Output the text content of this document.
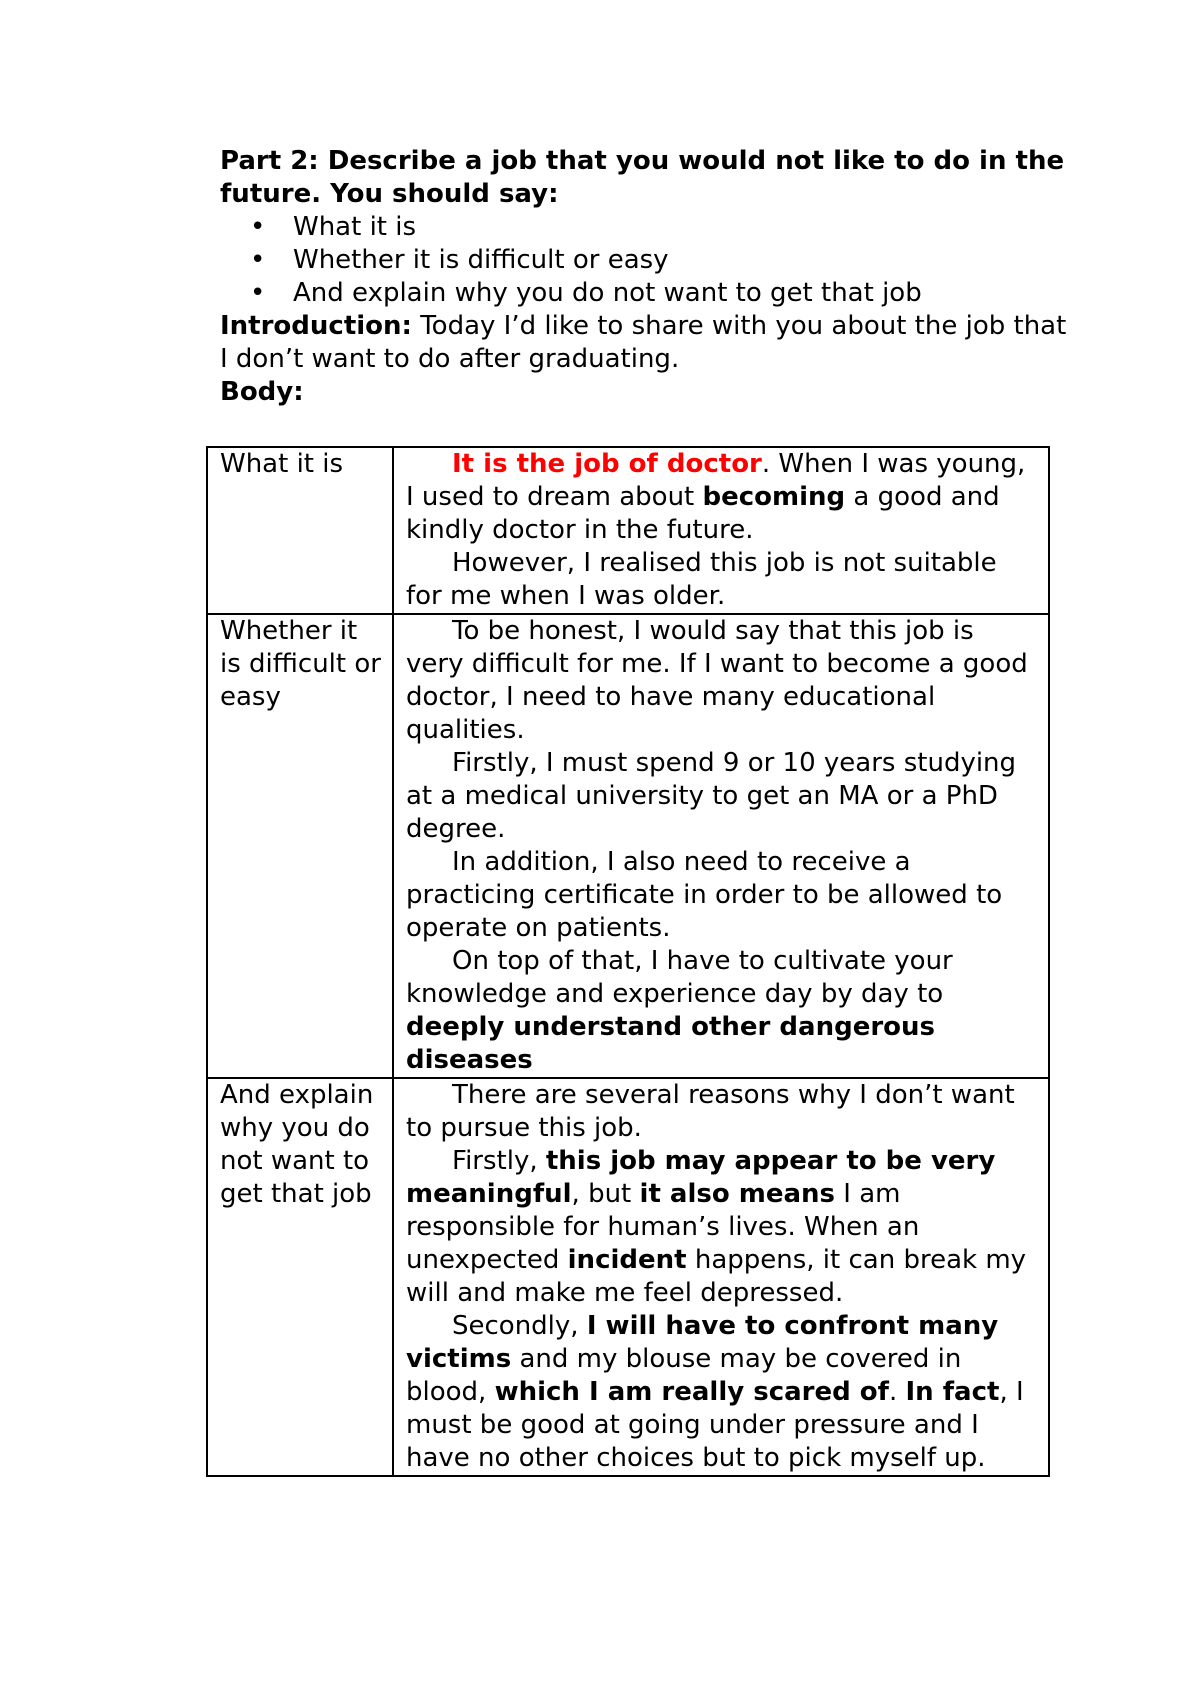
Part 2: Describe a job that you would not like to do in the future. You should say:

• What it is
• Whether it is difficult or easy
• And explain why you do not want to get that job

Introduction: Today I’d like to share with you about the job that I don’t want to do after graduating.

Body:

What it is	It is the job of doctor. When I was young, I used to dream about becoming a good and kindly doctor in the future.

However, I realised this job is not suitable for me when I was older.

Whether it is difficult or easy	To be honest, I would say that this job is very difficult for me. If I want to become a good doctor, I need to have many educational qualities.

Firstly, I must spend 9 or 10 years studying at a medical university to get an MA or a PhD degree.

In addition, I also need to receive a practicing certificate in order to be allowed to operate on patients.

On top of that, I have to cultivate your knowledge and experience day by day to deeply understand other dangerous diseases

And explain why you do not want to get that job	There are several reasons why I don’t want to pursue this job.

Firstly, this job may appear to be very meaningful, but it also means I am responsible for human’s lives. When an unexpected incident happens, it can break my will and make me feel depressed.

Secondly, I will have to confront many victims and my blouse may be covered in blood, which I am really scared of. In fact, I must be good at going under pressure and I have no other choices but to pick myself up.
